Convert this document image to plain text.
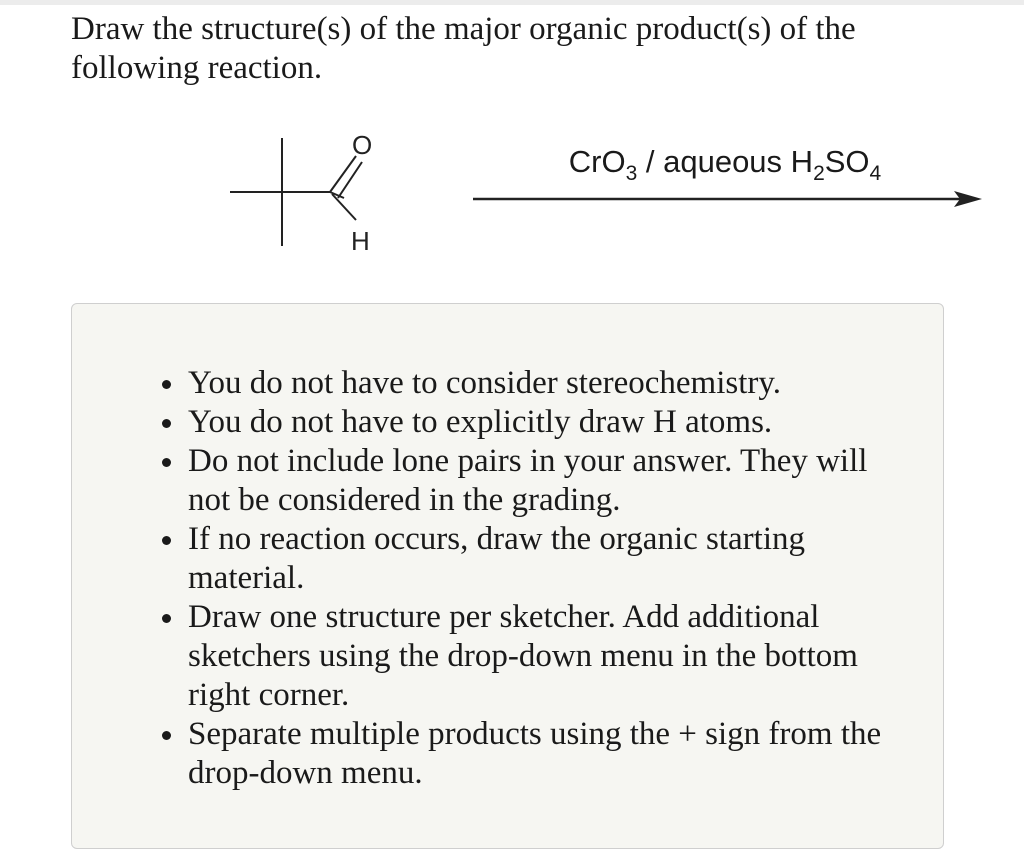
Draw the structure(s) of the major organic product(s) of the following reaction.

O
H
CrO$_3$ / aqueous $H_2SO_4$
You do not have to consider stereochemistry.
You do not have to explicitly draw H atoms.
Do not include lone pairs in your answer. They will not be considered in the grading.
If no reaction occurs, draw the organic starting material.
Draw one structure per sketcher. Add additional sketchers using the drop-down menu in the bottom right corner.
Separate multiple products using the + sign from the drop-down menu.
